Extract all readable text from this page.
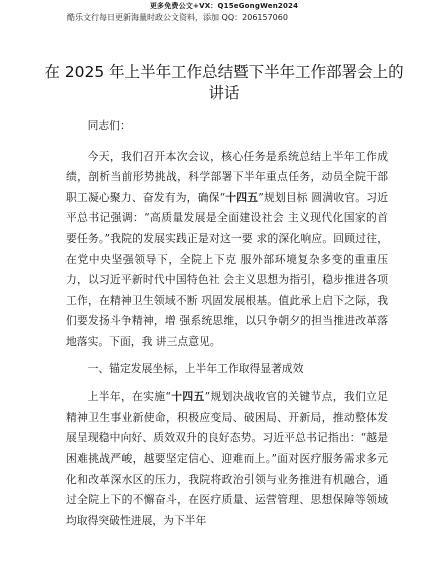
更多免费公文+VX：Q15eGongWen2024
酷乐文行每日更新海量时政公文资料，添加 QQ：206157060
在 2025 年上半年工作总结暨下半年工作部署会上的讲话

同志们：

今天，我们召开本次会议，核心任务是系统总结上半年工作成绩，剖析当前形势挑战，科学部署下半年重点任务，动员全院干部职工凝心聚力、奋发有为，确保“十四五”规划目标 圆满收官。习近平总书记强调：“高质量发展是全面建设社会 主义现代化国家的首要任务。”我院的发展实践正是对这一要 求的深化响应。回顾过往，在党中央坚强领导下，全院上下克 服外部环境复杂多变的重重压力，以习近平新时代中国特色社 会主义思想为指引，稳步推进各项工作，在精神卫生领域不断 巩固发展根基。值此承上启下之际，我们要发扬斗争精神，增 强系统思维，以只争朝夕的担当推进改革落地落实。下面，我 讲三点意见。

一、锚定发展坐标，上半年工作取得显著成效

上半年，在实施“十四五”规划决战收官的关键节点，我们立足精神卫生事业新使命，积极应变局、破困局、开新局，推动整体发展呈现稳中向好、质效双升的良好态势。习近平总书记指出：“越是困难挑战严峻，越要坚定信心、迎难而上。”面对医疗服务需求多元化和改革深水区的压力，我院将政治引领与业务推进有机融合，通过全院上下的不懈奋斗，在医疗质量、运营管理、思想保障等领域均取得突破性进展，为下半年
